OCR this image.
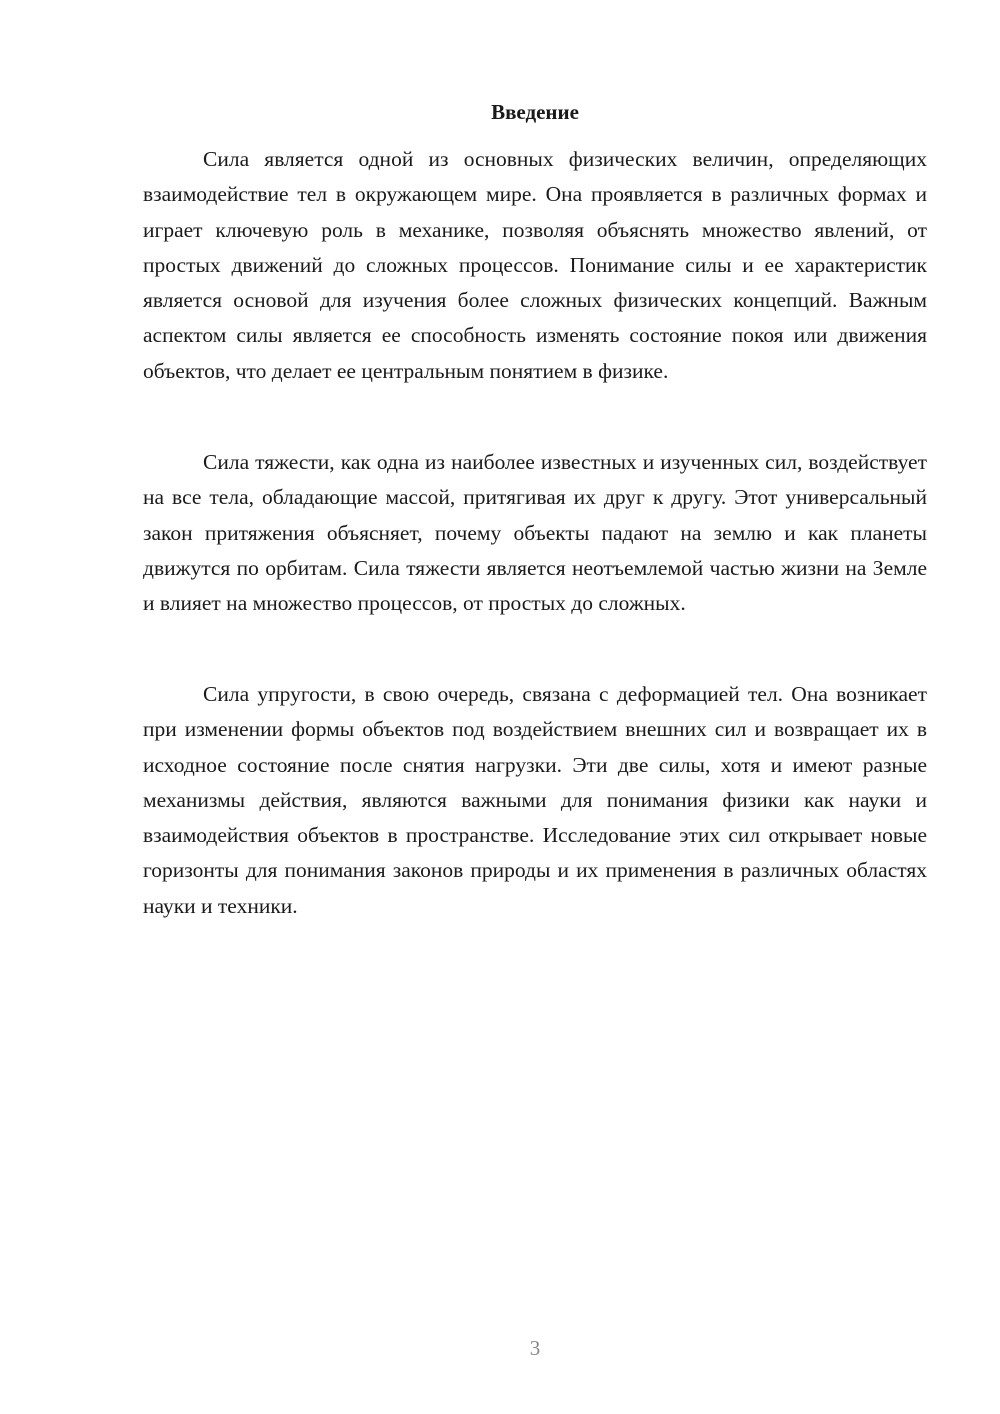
Введение

Сила является одной из основных физических величин, определяющих взаимодействие тел в окружающем мире. Она проявляется в различных формах и играет ключевую роль в механике, позволяя объяснять множество явлений, от простых движений до сложных процессов. Понимание силы и ее характеристик является основой для изучения более сложных физических концепций. Важным аспектом силы является ее способность изменять состояние покоя или движения объектов, что делает ее центральным понятием в физике.

Сила тяжести, как одна из наиболее известных и изученных сил, воздействует на все тела, обладающие массой, притягивая их друг к другу. Этот универсальный закон притяжения объясняет, почему объекты падают на землю и как планеты движутся по орбитам. Сила тяжести является неотъемлемой частью жизни на Земле и влияет на множество процессов, от простых до сложных.

Сила упругости, в свою очередь, связана с деформацией тел. Она возникает при изменении формы объектов под воздействием внешних сил и возвращает их в исходное состояние после снятия нагрузки. Эти две силы, хотя и имеют разные механизмы действия, являются важными для понимания физики как науки и взаимодействия объектов в пространстве. Исследование этих сил открывает новые горизонты для понимания законов природы и их применения в различных областях науки и техники.

3
